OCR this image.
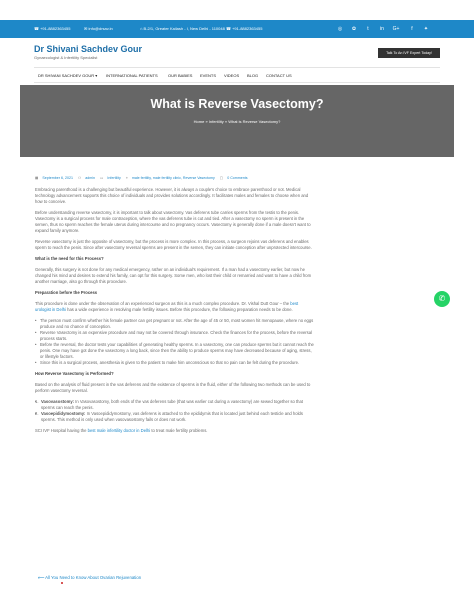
☎ +91-8882363455	✉ info@drsav.in	⌂ B-2/1, Greater Kailash - I, New Delhi - 110048 ☎ +91-8882363455	◎	✿	t	in	G+	f	✦
Dr Shivani Sachdev Gour
Gynaecologist & Infertility Specialist
Talk To An IVF Expert Today!
DR SHIVANI SACHDEV GOUR ▾ INTERNATIONAL PATIENTS	OUR BABIES EVENTS VIDEOS BLOG CONTACT US
What is Reverse Vasectomy?
Home » Infertility » What is Reverse Vasectomy?
▦ September 6, 2021 ⚇ admin ▭ Infertility ⌖ male fertility, male fertility clinic, Reverse Vasectomy ▢ 0 Comments

Embracing parenthood is a challenging but beautiful experience. However, it is always a couple's choice to embrace parenthood or not. Medical technology advancement supports this choice of individuals and provides solutions accordingly. It facilitates males and females to choose when and how to conceive.

Before understanding reverse vasectomy, it is important to talk about vasectomy. Vas deferens tube carries sperms from the testis to the penis. Vasectomy is a surgical process for male contraception, where the vas deferens tube is cut and tied. After a vasectomy no sperm is present in the semen, thus no sperm reaches the female uterus during intercourse and no pregnancy occurs. Vasectomy is generally done if a male doesn't want to expand family anymore.

Reverse vasectomy is just the opposite of vasectomy, but the process is more complex. In this process, a surgeon rejoins vas deferens and enables sperm to reach the penis. Since after vasectomy reversal sperms are present in the semen, they can initiate conception after unprotected intercourse.

What is the need for this Process?

Generally, this surgery is not done for any medical emergency, rather on an individual's requirement. If a man had a vasectomy earlier, but now he changed his mind and desires to extend his family, can opt for this surgery. Some men, who lost their child or remarried and want to have a child from another marriage, also go through this procedure.

Preparation before the Process

This procedure is done under the observation of an experienced surgeon as this is a much complex procedure. Dr. Vishal Dutt Gour – the best urologist in Delhi has a wide experience in resolving male fertility issues. Before this procedure, the following preparation needs to be done.

• The person must confirm whether his female partner can get pregnant or not. After the age of 45 or 50, most women hit menopause, where no eggs produce and no chance of conception.
• Reverse Vasectomy is an expensive procedure and may not be covered through insurance. Check the finances for the process, before the reversal process starts.
• Before the reversal, the doctor tests your capabilities of generating healthy sperms. In a vasectomy, one can produce sperms but it cannot reach the penis. One may have got done the vasectomy a long back, since then the ability to produce sperms may have decreased because of aging, stress, or lifestyle factors.
• Since this is a surgical process, anesthesia is given to the patient to make him unconscious so that no pain can be felt during the procedure.
How Reverse Vasectomy is Performed?

Based on the analysis of fluid present in the vas deferens and the existence of sperms in the fluid, either of the following two methods can be used to perform vasectomy reversal.

• 1. Vasovasostomy: In Vasovasostomy, both ends of the vas deferens tube (that was earlier cut during a vasectomy) are sewed together so that sperms can reach the penis.
• 2. Vasoepididymostomy: In Vasoepididymostomy, vas deferens is attached to the epididymis that is located just behind each testicle and holds sperms. This method is only used when vasovasostomy fails or does not work.

SCI IVF Hospital having the best male infertility doctor in Delhi to treat male fertility problems.

⟵ All You Need to Know About Ovarian Rejuvenation
✆
